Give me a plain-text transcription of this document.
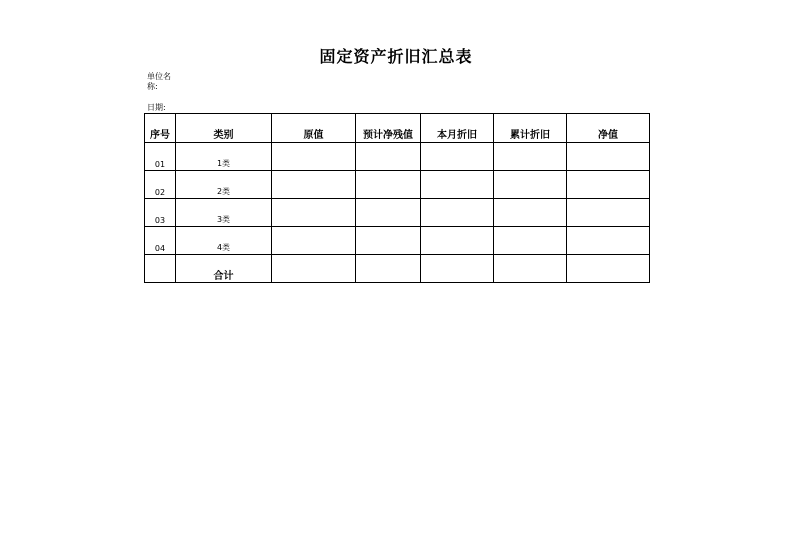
固定资产折旧汇总表
单位名称:
日期:
序号	类别	原值	预计净残值	本月折旧	累计折旧	净值
01	1类					
02	2类					
03	3类					
04	4类					
	合计					
